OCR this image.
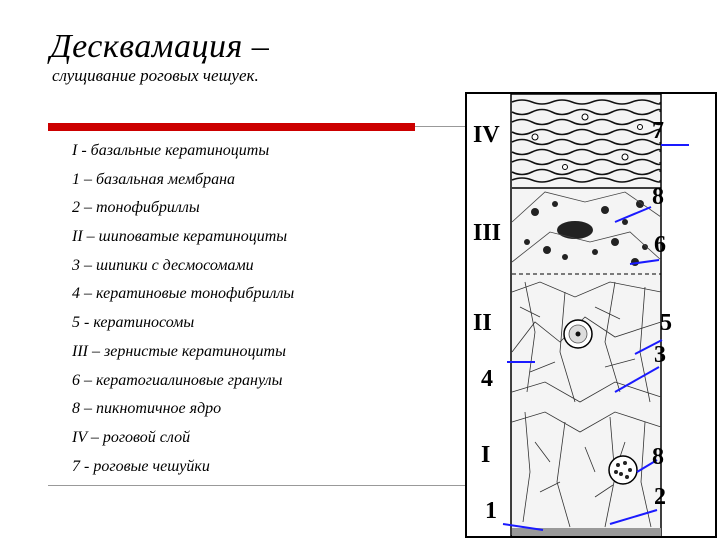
Десквамация –
слущивание роговых чешуек.
I - базальные кератиноциты
1 – базальная мембрана
2 – тонофибриллы
II – шиповатые кератиноциты
3 – шипики с десмосомами
4 – кератиновые тонофибриллы
5 - кератиносомы
III – зернистые кератиноциты
6 – кератогиалиновые гранулы
8 – пикнотичное ядро
IV – роговой слой
7 - роговые чешуйки
IV
III
II
I
7
8
6
5
3
4
8
2
1
